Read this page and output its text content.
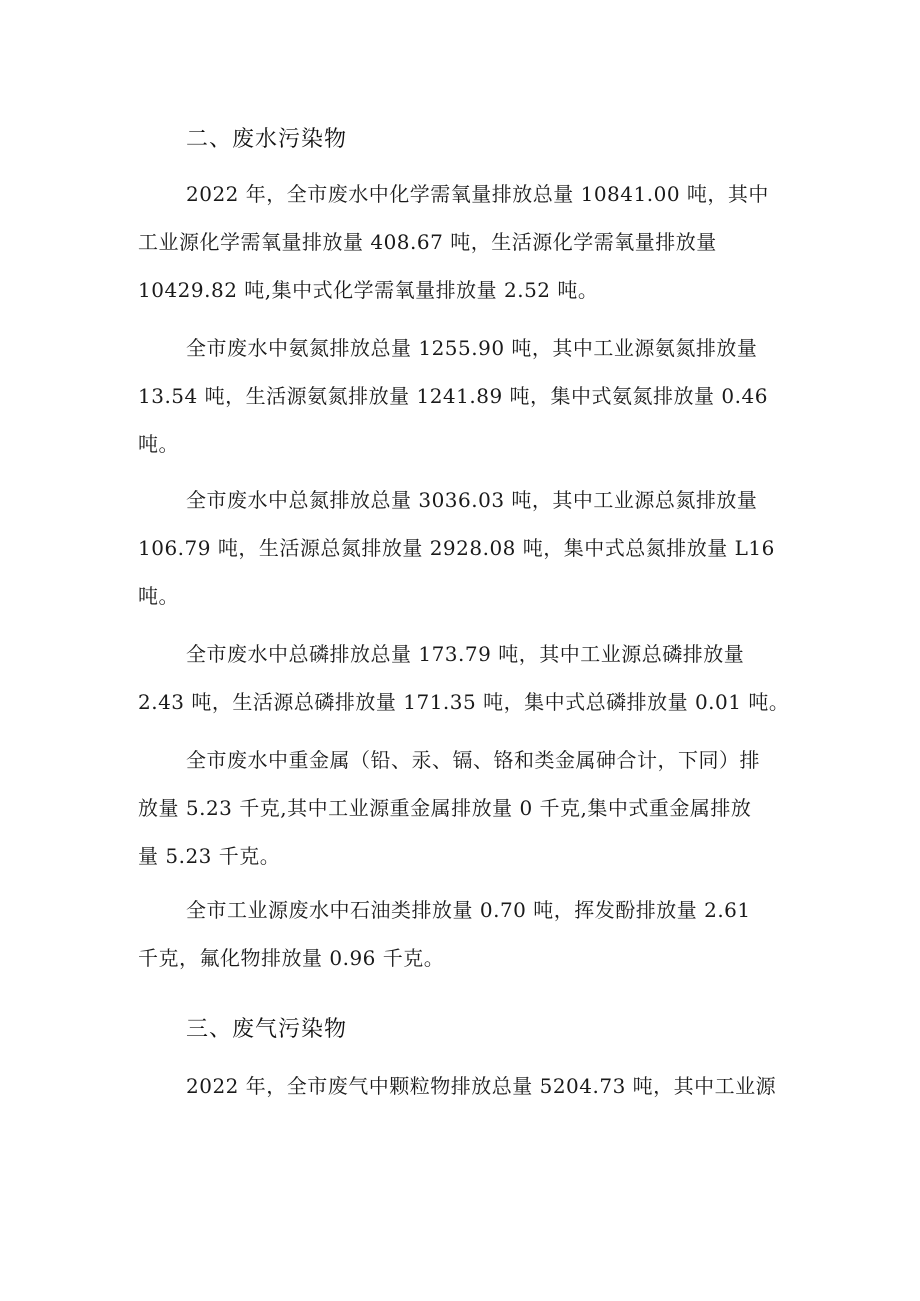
二、废水污染物
2022 年，全市废水中化学需氧量排放总量 10841.00 吨，其中
工业源化学需氧量排放量 408.67 吨，生活源化学需氧量排放量
10429.82 吨,集中式化学需氧量排放量 2.52 吨。
全市废水中氨氮排放总量 1255.90 吨，其中工业源氨氮排放量
13.54 吨，生活源氨氮排放量 1241.89 吨，集中式氨氮排放量 0.46
吨。
全市废水中总氮排放总量 3036.03 吨，其中工业源总氮排放量
106.79 吨，生活源总氮排放量 2928.08 吨，集中式总氮排放量 L16
吨。
全市废水中总磷排放总量 173.79 吨，其中工业源总磷排放量
2.43 吨，生活源总磷排放量 171.35 吨，集中式总磷排放量 0.01 吨。
全市废水中重金属（铅、汞、镉、铬和类金属砷合计，下同）排
放量 5.23 千克,其中工业源重金属排放量 0 千克,集中式重金属排放
量 5.23 千克。
全市工业源废水中石油类排放量 0.70 吨，挥发酚排放量 2.61
千克，氟化物排放量 0.96 千克。
三、废气污染物
2022 年，全市废气中颗粒物排放总量 5204.73 吨，其中工业源
